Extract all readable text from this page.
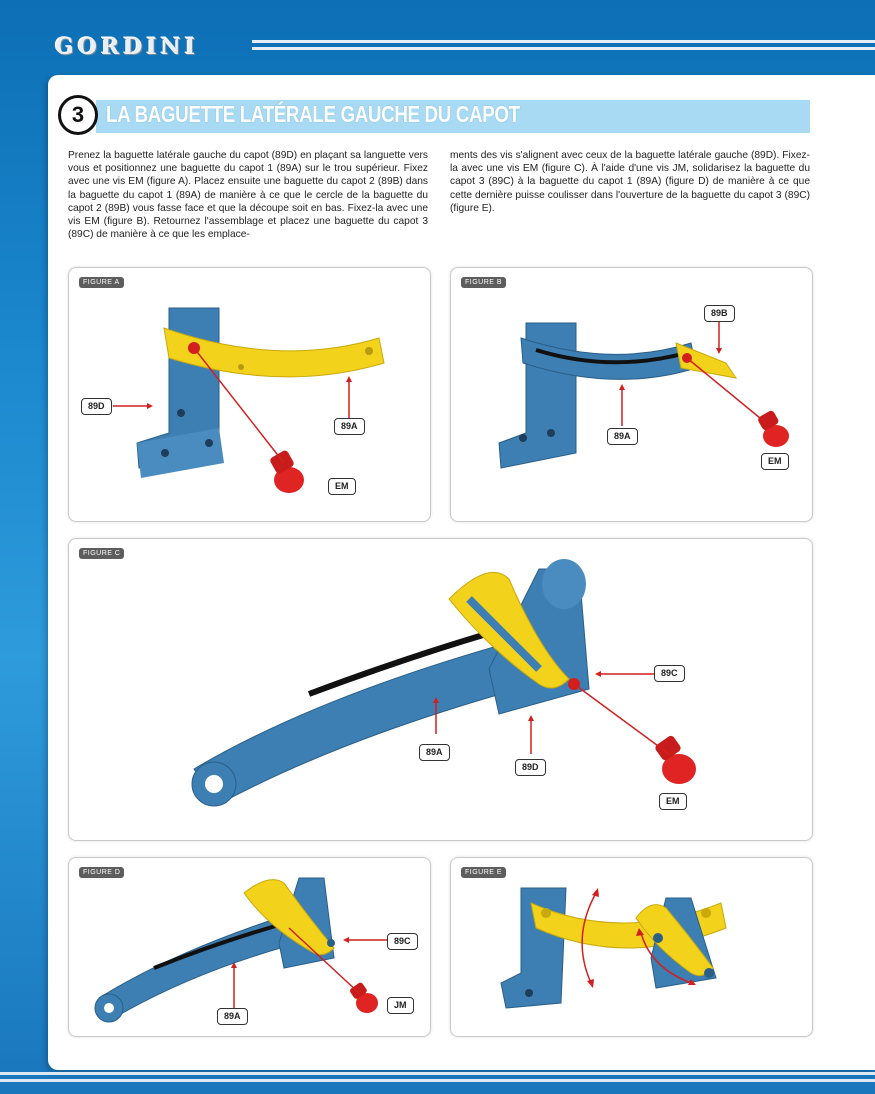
GORDINI
3 LA BAGUETTE LATÉRALE GAUCHE DU CAPOT
Prenez la baguette latérale gauche du capot (89D) en plaçant sa languette vers vous et positionnez une baguette du capot 1 (89A) sur le trou supérieur. Fixez avec une vis EM (figure A). Placez ensuite une baguette du capot 2 (89B) dans la baguette du capot 1 (89A) de manière à ce que le cercle de la baguette du capot 2 (89B) vous fasse face et que la découpe soit en bas. Fixez-la avec une vis EM (figure B). Retournez l'assemblage et placez une baguette du capot 3 (89C) de manière à ce que les emplace-
ments des vis s'alignent avec ceux de la baguette latérale gauche (89D). Fixez-la avec une vis EM (figure C). À l'aide d'une vis JM, solidarisez la baguette du capot 3 (89C) à la baguette du capot 1 (89A) (figure D) de manière à ce que cette dernière puisse coulisser dans l'ouverture de la baguette du capot 3 (89C) (figure E).
FIGURE A
89D
89A
EM
FIGURE B
89B
89A
EM
FIGURE C
89C
89A
89D
EM
FIGURE D
89C
JM
89A
FIGURE E
